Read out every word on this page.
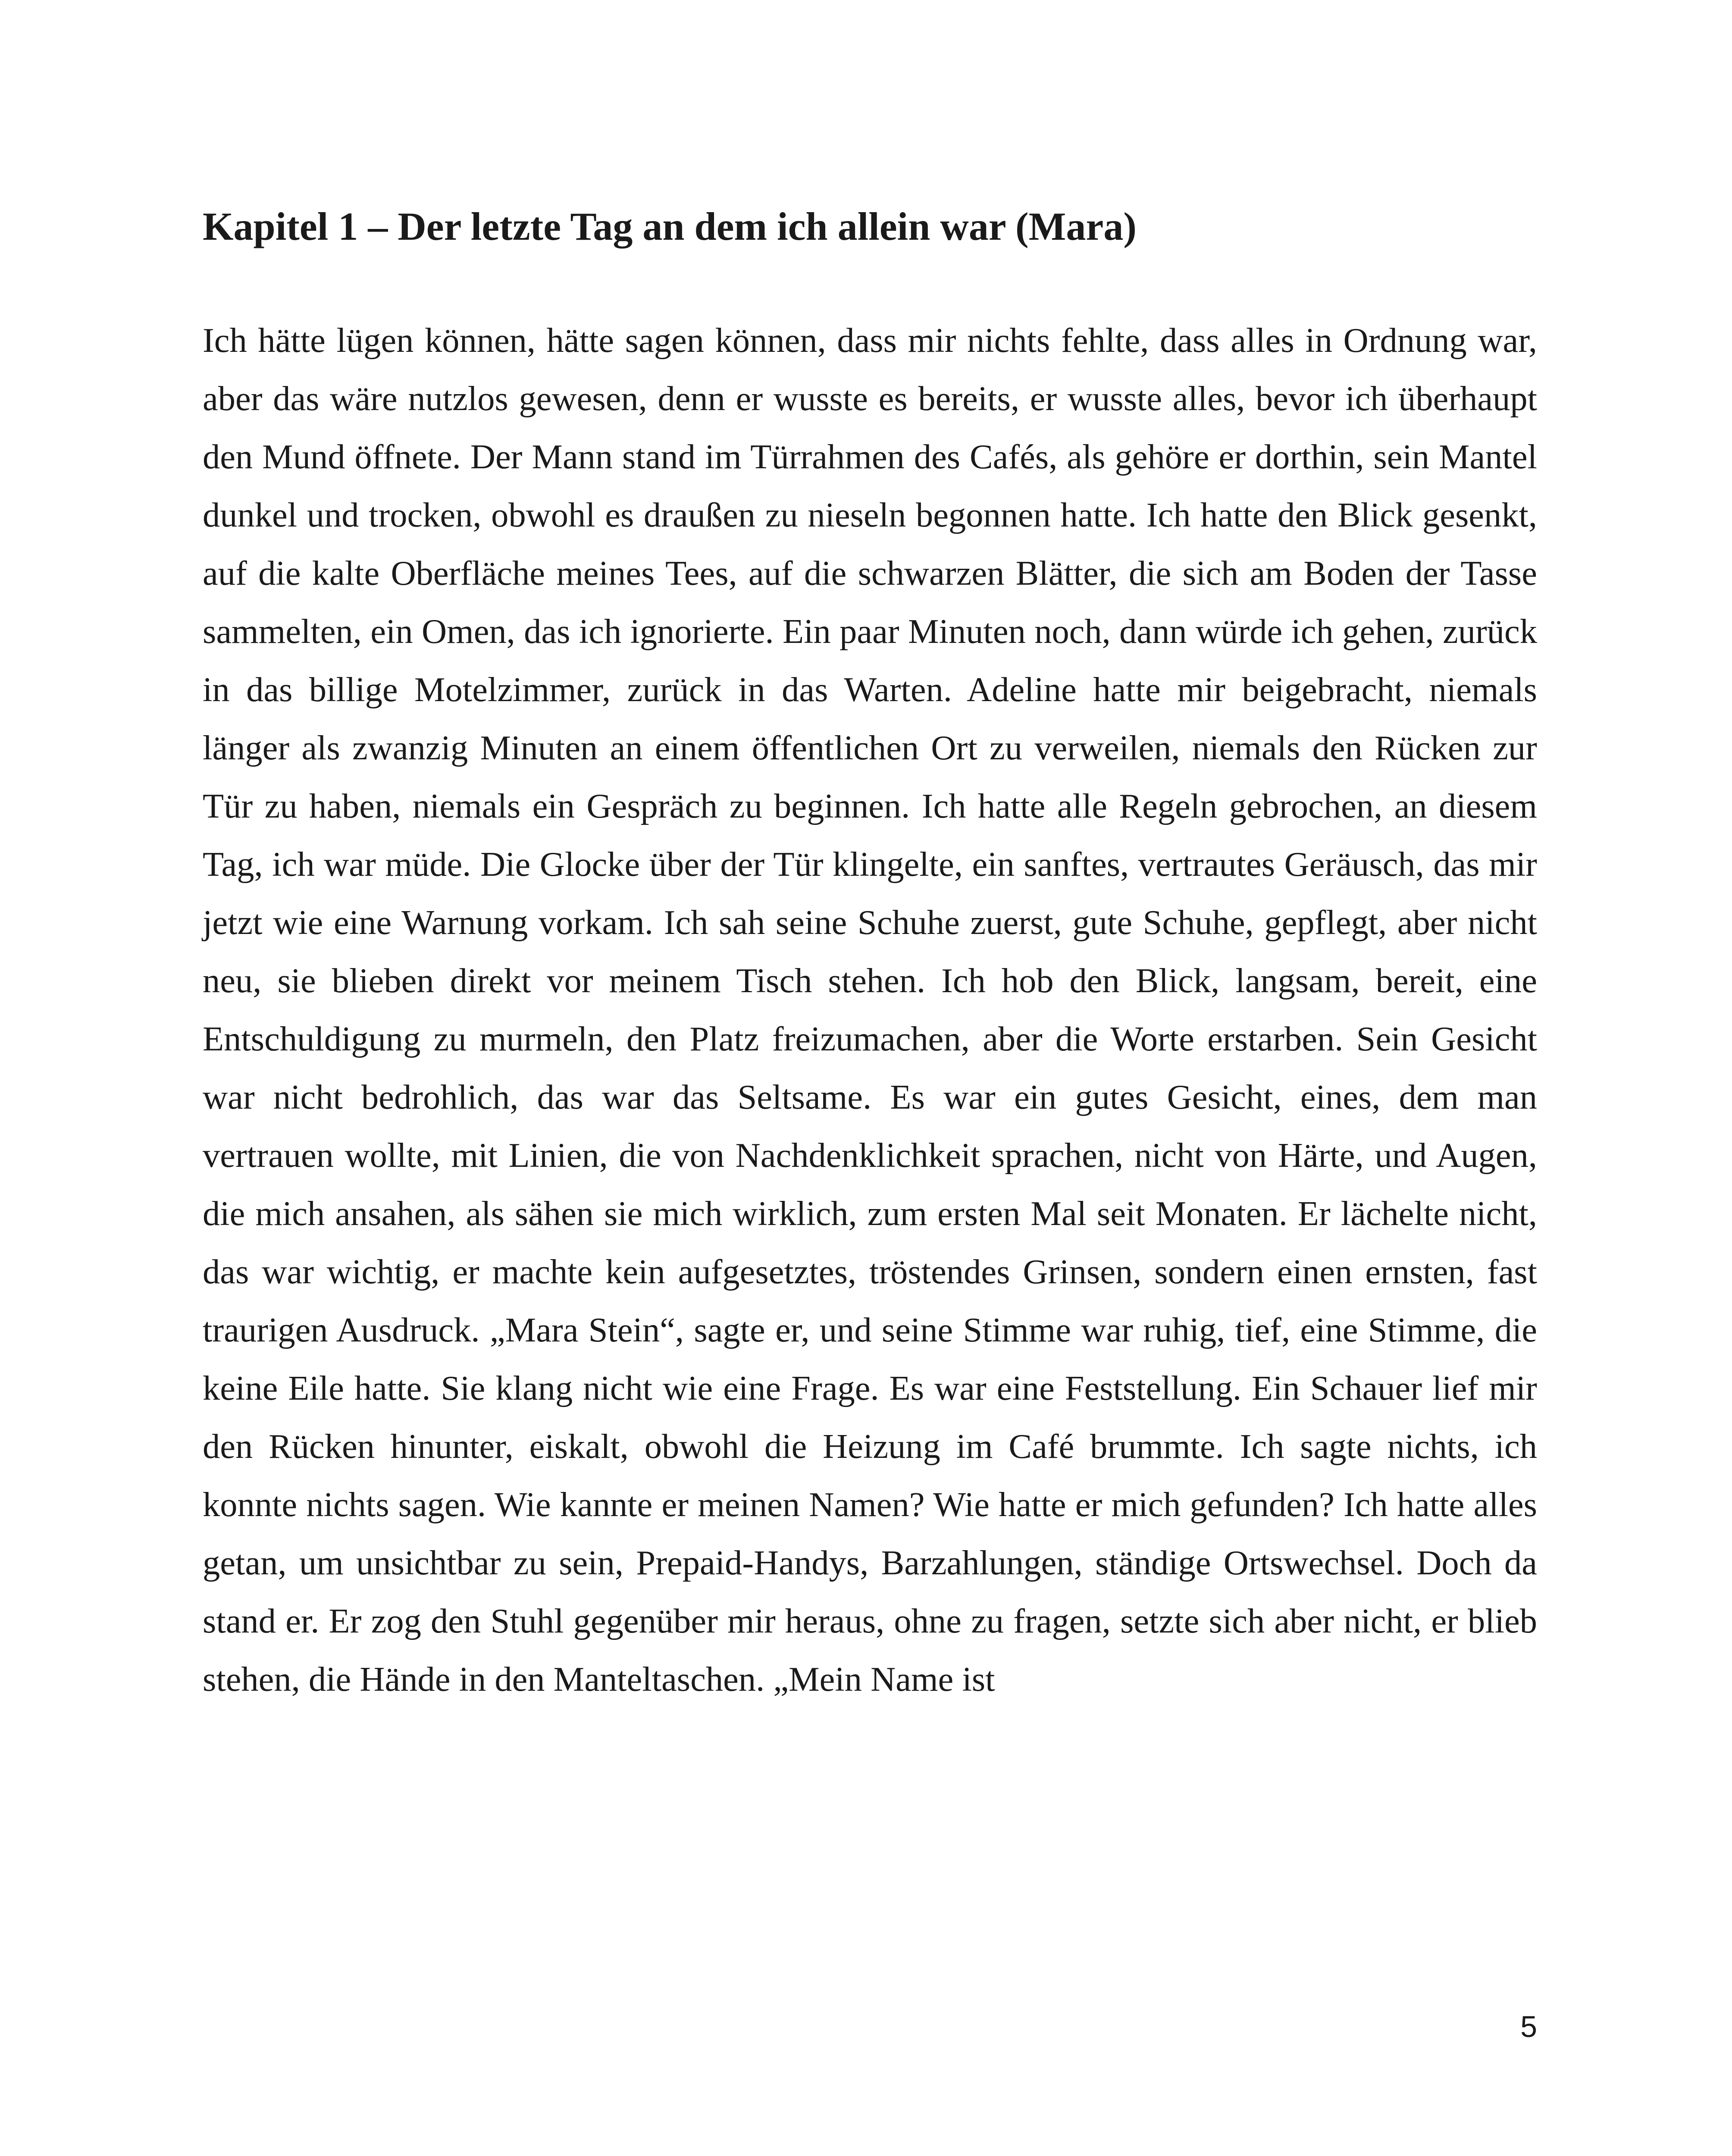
Kapitel 1 – Der letzte Tag an dem ich allein war (Mara)

Ich hätte lügen können, hätte sagen können, dass mir nichts fehlte, dass alles in Ordnung war, aber das wäre nutzlos gewesen, denn er wusste es bereits, er wusste alles, bevor ich überhaupt den Mund öffnete. Der Mann stand im Türrahmen des Cafés, als gehöre er dorthin, sein Mantel dunkel und trocken, obwohl es draußen zu nieseln begonnen hatte. Ich hatte den Blick gesenkt, auf die kalte Oberfläche meines Tees, auf die schwarzen Blätter, die sich am Boden der Tasse sammelten, ein Omen, das ich ignorierte. Ein paar Minuten noch, dann würde ich gehen, zurück in das billige Motelzimmer, zurück in das Warten. Adeline hatte mir beigebracht, niemals länger als zwanzig Minuten an einem öffentlichen Ort zu verweilen, niemals den Rücken zur Tür zu haben, niemals ein Gespräch zu beginnen. Ich hatte alle Regeln gebrochen, an diesem Tag, ich war müde. Die Glocke über der Tür klingelte, ein sanftes, vertrautes Geräusch, das mir jetzt wie eine Warnung vorkam. Ich sah seine Schuhe zuerst, gute Schuhe, gepflegt, aber nicht neu, sie blieben direkt vor meinem Tisch stehen. Ich hob den Blick, langsam, bereit, eine Entschuldigung zu murmeln, den Platz freizumachen, aber die Worte erstarben. Sein Gesicht war nicht bedrohlich, das war das Seltsame. Es war ein gutes Gesicht, eines, dem man vertrauen wollte, mit Linien, die von Nachdenklichkeit sprachen, nicht von Härte, und Augen, die mich ansahen, als sähen sie mich wirklich, zum ersten Mal seit Monaten. Er lächelte nicht, das war wichtig, er machte kein aufgesetztes, tröstendes Grinsen, sondern einen ernsten, fast traurigen Ausdruck. „Mara Stein“, sagte er, und seine Stimme war ruhig, tief, eine Stimme, die keine Eile hatte. Sie klang nicht wie eine Frage. Es war eine Feststellung. Ein Schauer lief mir den Rücken hinunter, eiskalt, obwohl die Heizung im Café brummte. Ich sagte nichts, ich konnte nichts sagen. Wie kannte er meinen Namen? Wie hatte er mich gefunden? Ich hatte alles getan, um unsichtbar zu sein, Prepaid-Handys, Barzahlungen, ständige Ortswechsel. Doch da stand er. Er zog den Stuhl gegenüber mir heraus, ohne zu fragen, setzte sich aber nicht, er blieb stehen, die Hände in den Manteltaschen. „Mein Name ist

5
